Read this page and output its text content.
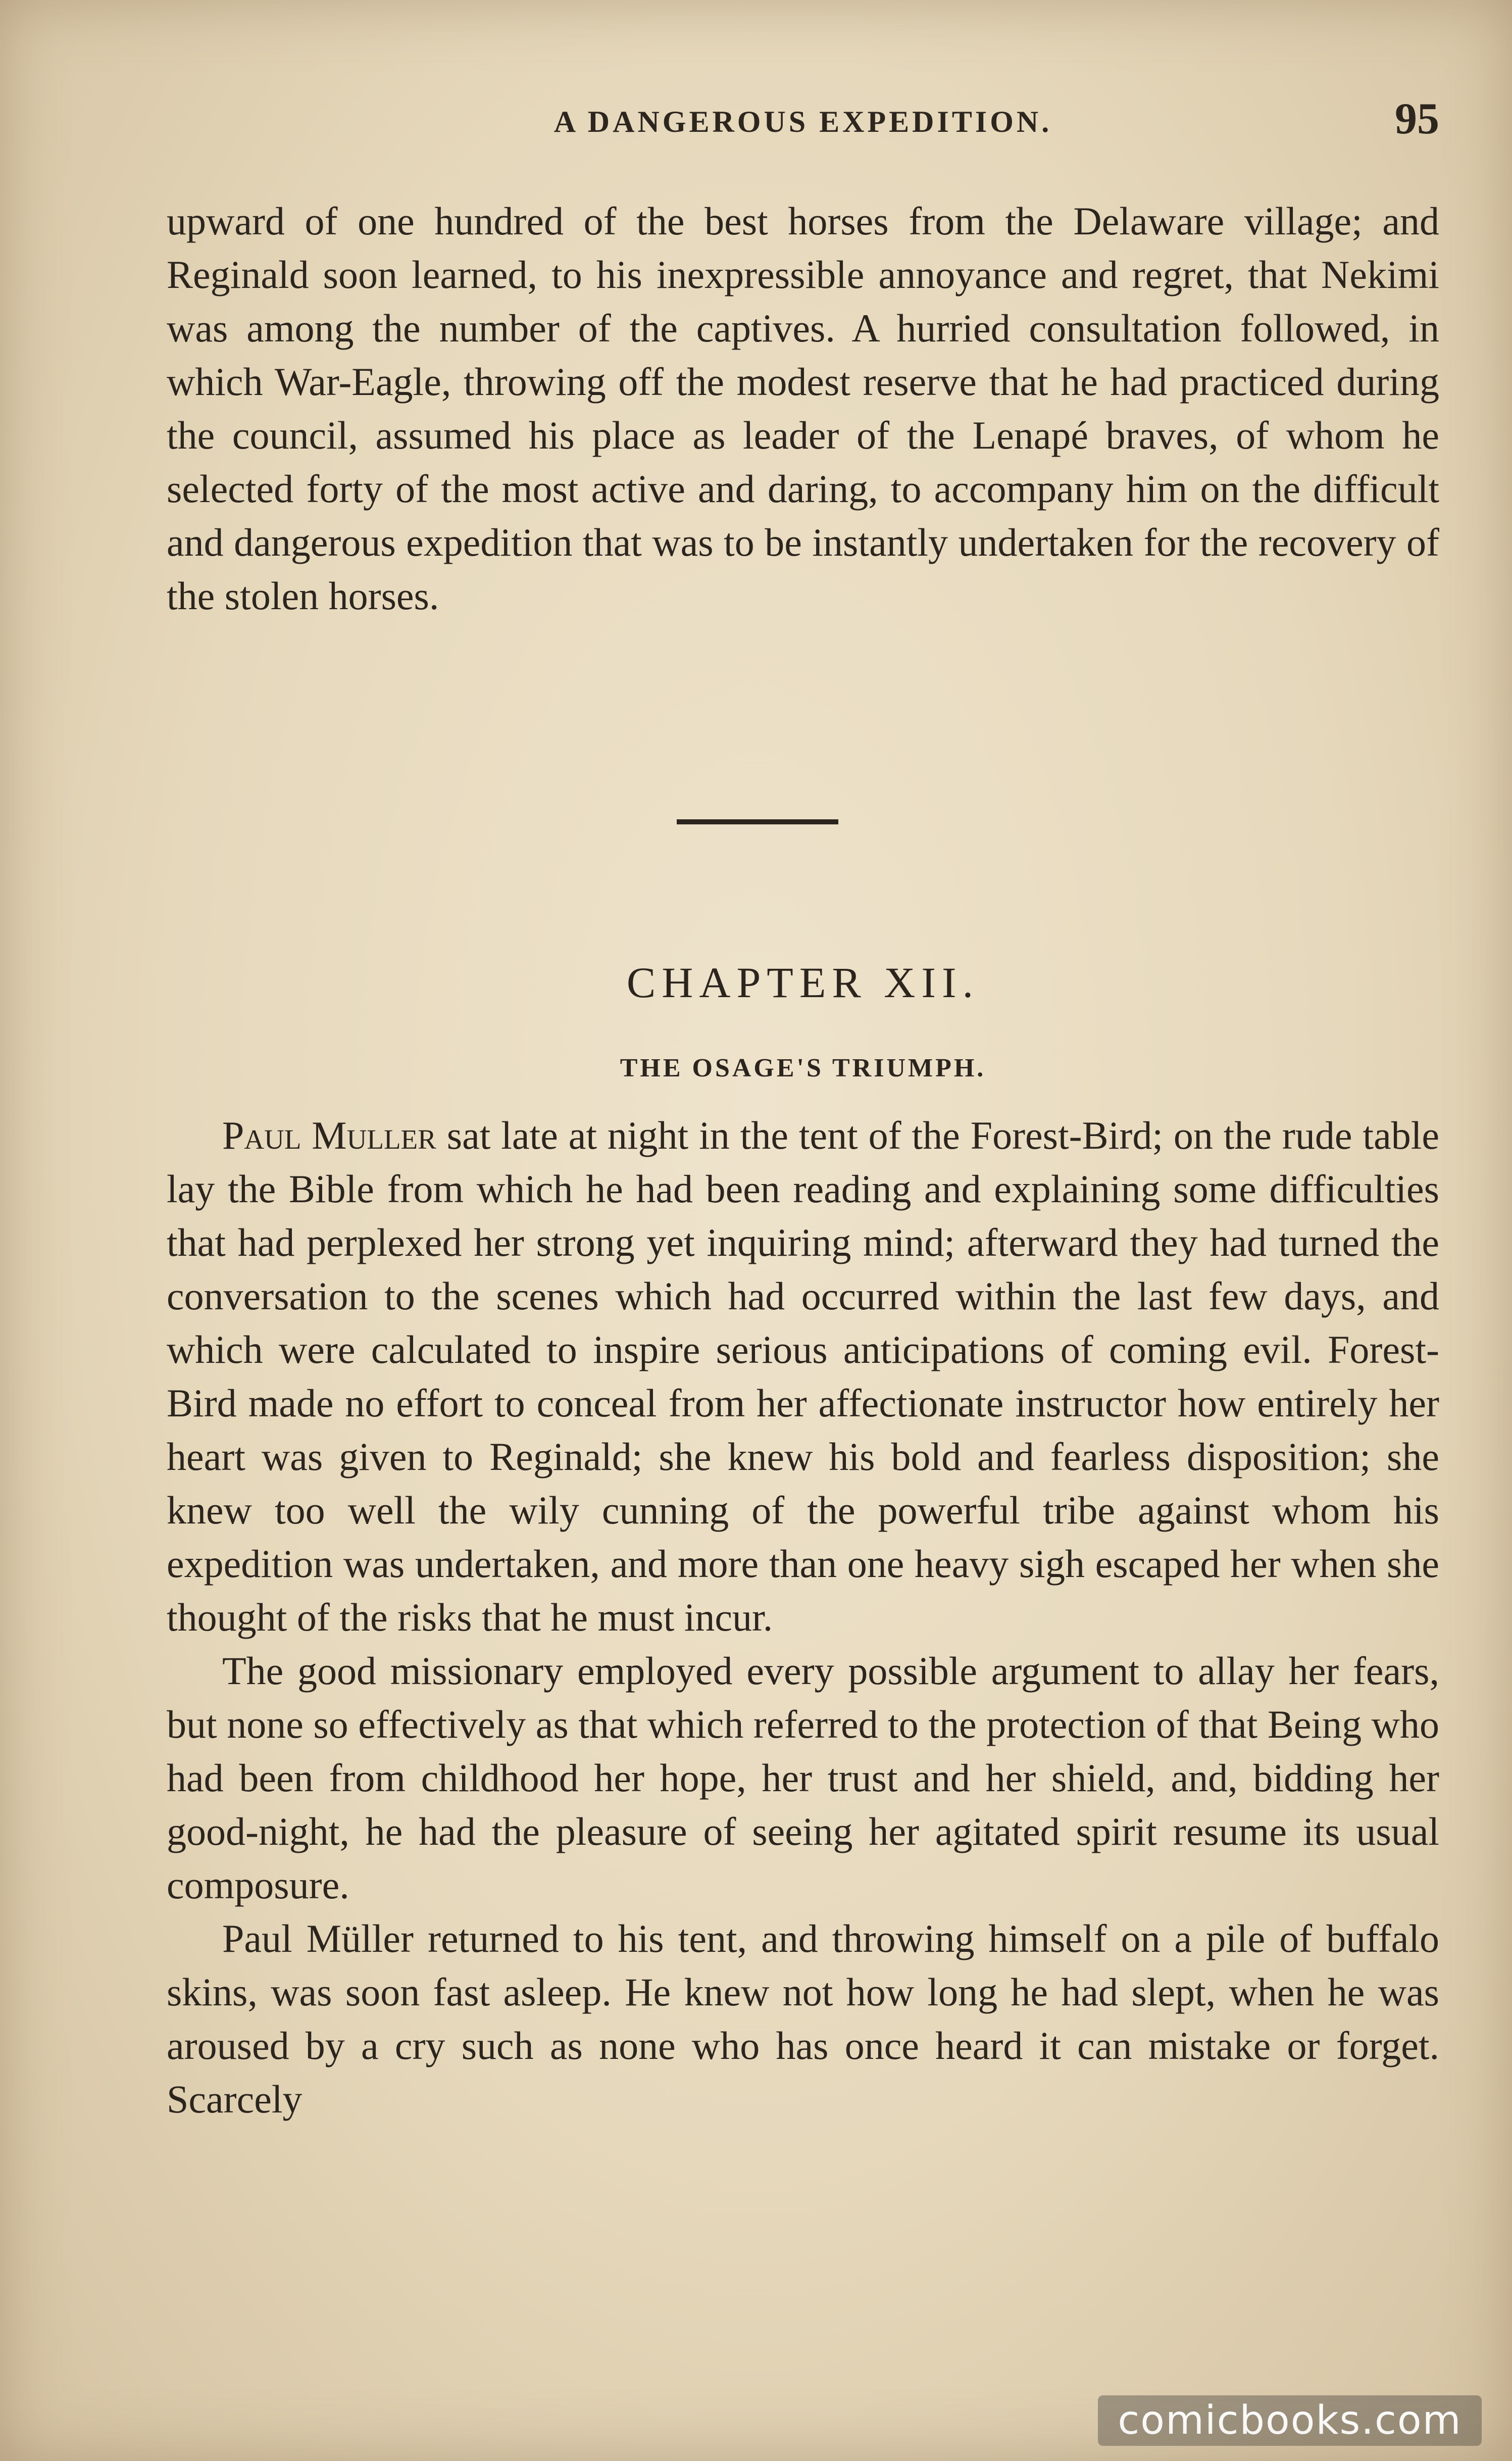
A DANGEROUS EXPEDITION.	95

upward of one hundred of the best horses from the Delaware village; and Reginald soon learned, to his inexpressible annoyance and regret, that Nekimi was among the number of the captives. A hurried consultation followed, in which War-Eagle, throwing off the modest reserve that he had practiced during the council, assumed his place as leader of the Lenapé braves, of whom he selected forty of the most active and daring, to accompany him on the difficult and dangerous expedition that was to be instantly undertaken for the recovery of the stolen horses.

CHAPTER XII.
THE OSAGE'S TRIUMPH.

Paul Muller sat late at night in the tent of the Forest-Bird; on the rude table lay the Bible from which he had been reading and explaining some difficulties that had perplexed her strong yet inquiring mind; afterward they had turned the conversation to the scenes which had occurred within the last few days, and which were calculated to inspire serious anticipations of coming evil. Forest-Bird made no effort to conceal from her affectionate instructor how entirely her heart was given to Reginald; she knew his bold and fearless disposition; she knew too well the wily cunning of the powerful tribe against whom his expedition was undertaken, and more than one heavy sigh escaped her when she thought of the risks that he must incur.

The good missionary employed every possible argument to allay her fears, but none so effectively as that which referred to the protection of that Being who had been from childhood her hope, her trust and her shield, and, bidding her good-night, he had the pleasure of seeing her agitated spirit resume its usual composure.

Paul Müller returned to his tent, and throwing himself on a pile of buffalo skins, was soon fast asleep. He knew not how long he had slept, when he was aroused by a cry such as none who has once heard it can mistake or forget. Scarcely

comicbooks.com
